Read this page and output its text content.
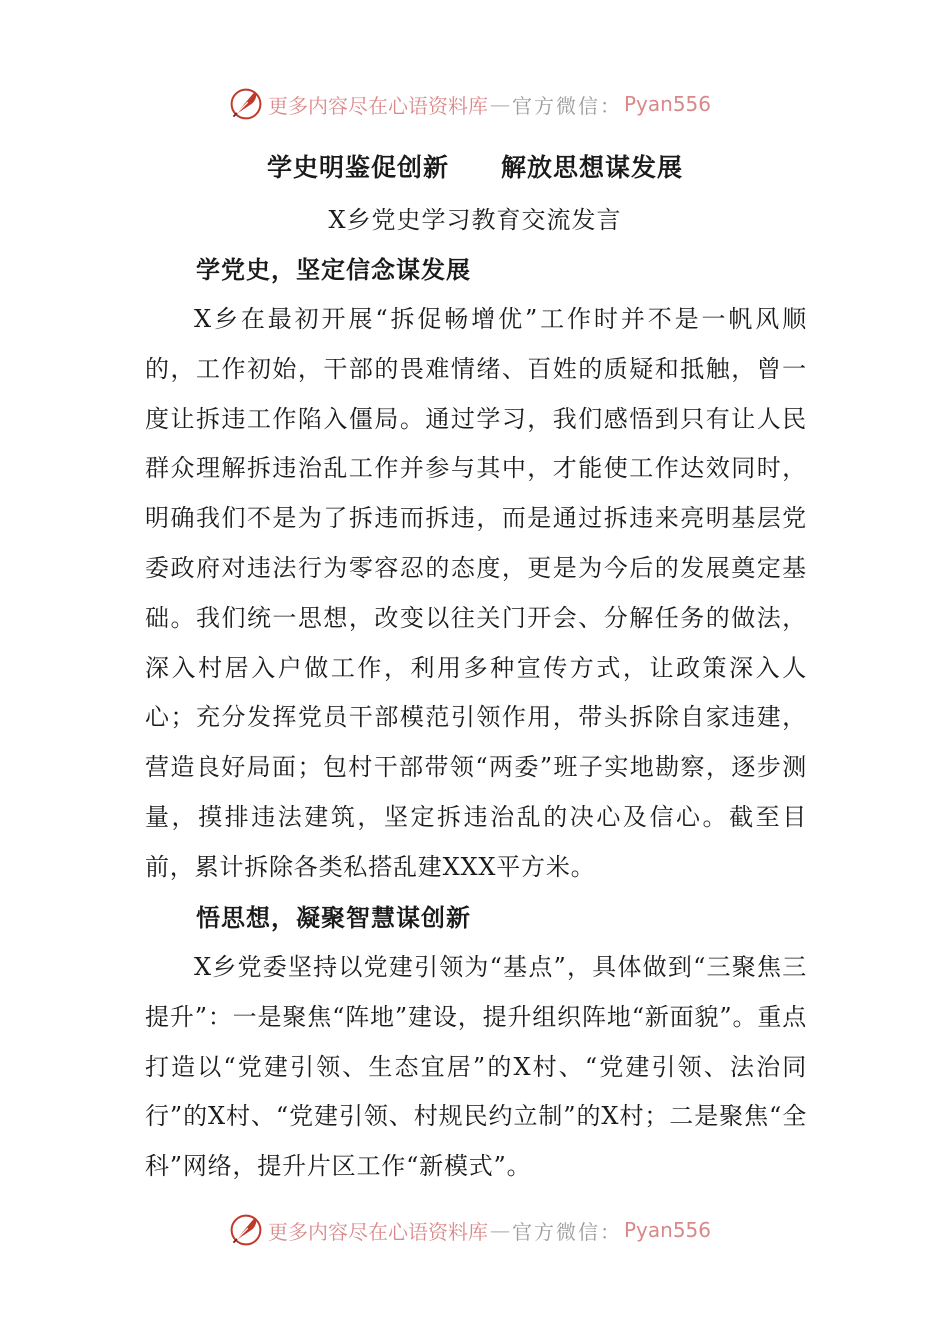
更多内容尽在心语资料库 — 官方微信： Pyan556
学史明鉴促创新 解放思想谋发展
X乡党史学习教育交流发言
学党史，坚定信念谋发展

X乡在最初开展“拆促畅增优”工作时并不是一帆风顺的，工作初始，干部的畏难情绪、百姓的质疑和抵触，曾一度让拆违工作陷入僵局。通过学习，我们感悟到只有让人民群众理解拆违治乱工作并参与其中，才能使工作达效同时，明确我们不是为了拆违而拆违，而是通过拆违来亮明基层党委政府对违法行为零容忍的态度，更是为今后的发展奠定基础。我们统一思想，改变以往关门开会、分解任务的做法，深入村居入户做工作，利用多种宣传方式，让政策深入人心；充分发挥党员干部模范引领作用，带头拆除自家违建，营造良好局面；包村干部带领“两委”班子实地勘察，逐步测量，摸排违法建筑，坚定拆违治乱的决心及信心。截至目前，累计拆除各类私搭乱建XXX平方米。

悟思想，凝聚智慧谋创新

X乡党委坚持以党建引领为“基点”，具体做到“三聚焦三提升”：一是聚焦“阵地”建设，提升组织阵地“新面貌”。重点打造以“党建引领、生态宜居”的X村、“党建引领、法治同行”的X村、“党建引领、村规民约立制”的X村；二是聚焦“全科”网络，提升片区工作“新模式”。

更多内容尽在心语资料库 — 官方微信： Pyan556
